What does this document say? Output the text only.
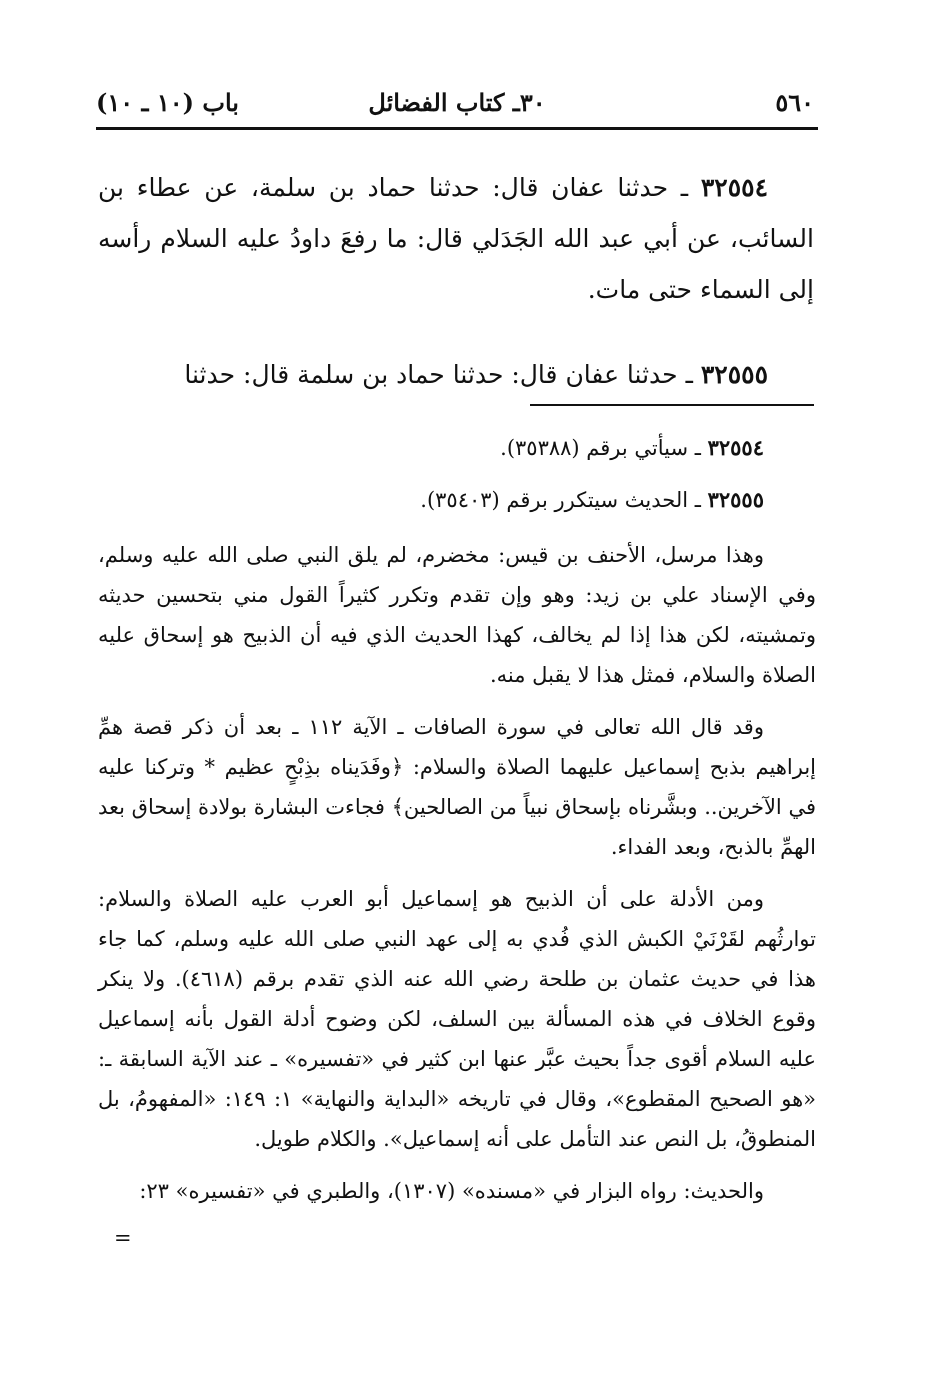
٥٦٠
٣٠ـ كتاب الفضائل
باب (١٠ ـ ١٠)

٣٢٥٥٤ ـ حدثنا عفان قال: حدثنا حماد بن سلمة، عن عطاء بن السائب، عن أبي عبد الله الجَدَلي قال: ما رفعَ داودُ عليه السلام رأسه إلى السماء حتى مات.

٣٢٥٥٥ ـ حدثنا عفان قال: حدثنا حماد بن سلمة قال: حدثنا

٣٢٥٥٤ ـ سيأتي برقم (٣٥٣٨٨).

٣٢٥٥٥ ـ الحديث سيتكرر برقم (٣٥٤٠٣).

وهذا مرسل، الأحنف بن قيس: مخضرم، لم يلق النبي صلى الله عليه وسلم، وفي الإسناد علي بن زيد: وهو وإن تقدم وتكرر كثيراً القول مني بتحسين حديثه وتمشيته، لكن هذا إذا لم يخالف، كهذا الحديث الذي فيه أن الذبيح هو إسحاق عليه الصلاة والسلام، فمثل هذا لا يقبل منه.

وقد قال الله تعالى في سورة الصافات ـ الآية ١١٢ ـ بعد أن ذكر قصة همِّ إبراهيم بذبح إسماعيل عليهما الصلاة والسلام: ﴿وفَدَيناه بذِبْحٍ عظيم * وتركنا عليه في الآخرين.. وبشَّرناه بإسحاق نبياً من الصالحين﴾ فجاءت البشارة بولادة إسحاق بعد الهمِّ بالذبح، وبعد الفداء.

ومن الأدلة على أن الذبيح هو إسماعيل أبو العرب عليه الصلاة والسلام: توارثُهم لقَرْنَيْ الكبش الذي فُدي به إلى عهد النبي صلى الله عليه وسلم، كما جاء هذا في حديث عثمان بن طلحة رضي الله عنه الذي تقدم برقم (٤٦١٨). ولا ينكر وقوع الخلاف في هذه المسألة بين السلف، لكن وضوح أدلة القول بأنه إسماعيل عليه السلام أقوى جداً بحيث عبَّر عنها ابن كثير في «تفسيره» ـ عند الآية السابقة ـ: «هو الصحيح المقطوع»، وقال في تاريخه «البداية والنهاية» ١: ١٤٩: «المفهومُ، بل المنطوقُ، بل النص عند التأمل على أنه إسماعيل». والكلام طويل.

والحديث: رواه البزار في «مسنده» (١٣٠٧)، والطبري في «تفسيره» ٢٣:

=
